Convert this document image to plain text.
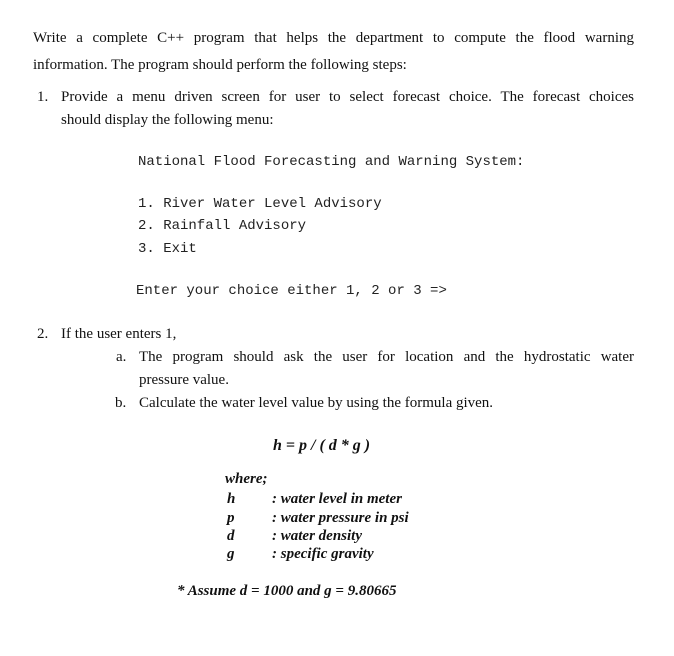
Write a complete C++ program that helps the department to compute the flood warning
information. The program should perform the following steps:
1. Provide a menu driven screen for user to select forecast choice. The forecast choices
should display the following menu:
National Flood Forecasting and Warning System:
1. River Water Level Advisory
2. Rainfall Advisory
3. Exit
Enter your choice either 1, 2 or 3 =>
2. If the user enters 1,
a. The program should ask the user for location and the hydrostatic water
pressure value.
b. Calculate the water level value by using the formula given.
h = p / ( d * g )
where;
h : water level in meter
p	: water pressure in psi
d	: water density
g	: specific gravity
* Assume d = 1000 and g = 9.80665
